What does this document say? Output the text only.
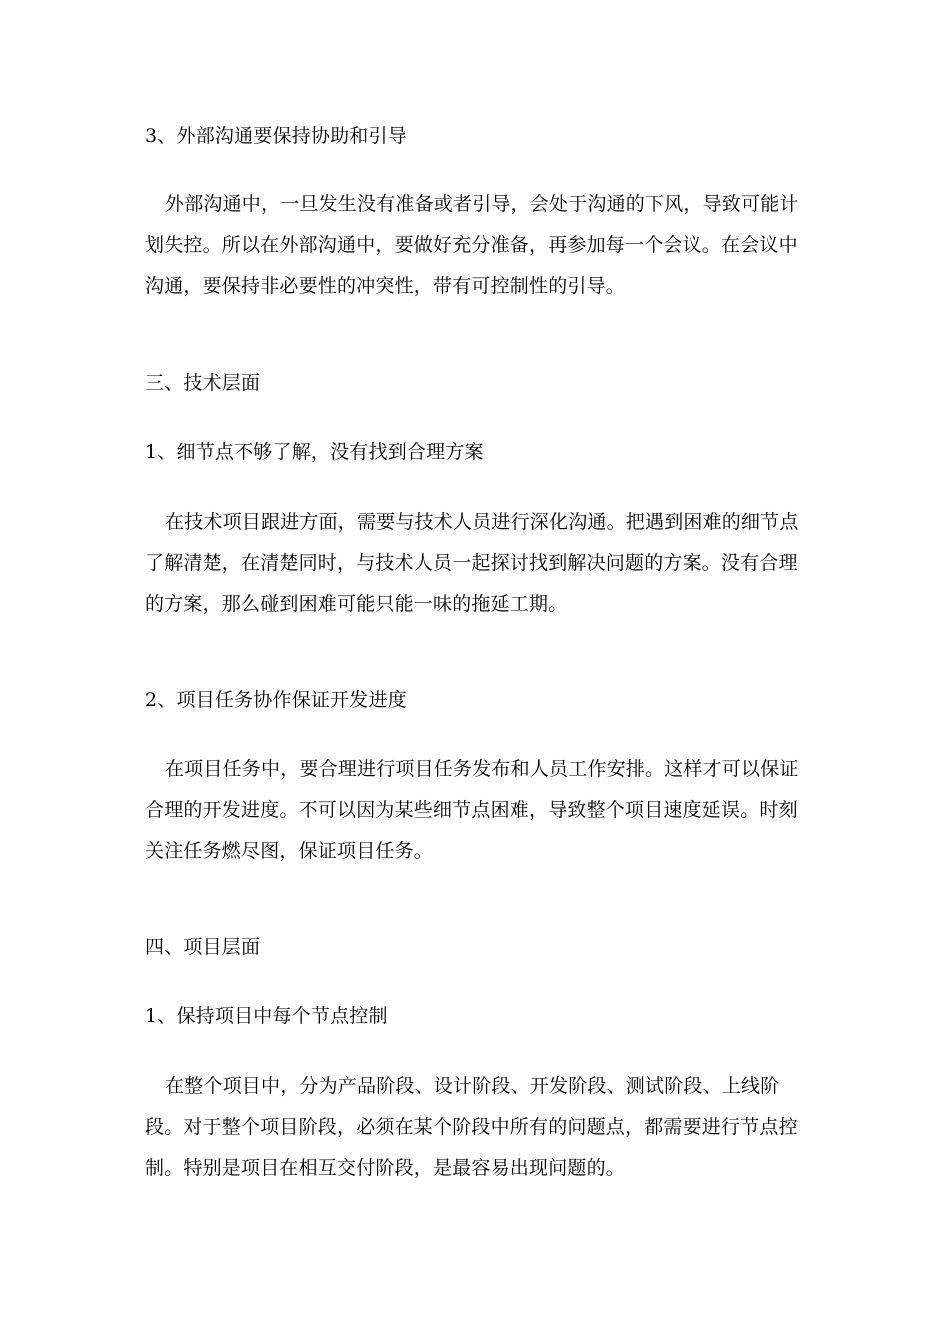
3、外部沟通要保持协助和引导
外部沟通中，一旦发生没有准备或者引导，会处于沟通的下风，导致可能计划失控。所以在外部沟通中，要做好充分准备，再参加每一个会议。在会议中沟通，要保持非必要性的冲突性，带有可控制性的引导。
三、技术层面
1、细节点不够了解，没有找到合理方案
在技术项目跟进方面，需要与技术人员进行深化沟通。把遇到困难的细节点了解清楚，在清楚同时，与技术人员一起探讨找到解决问题的方案。没有合理的方案，那么碰到困难可能只能一味的拖延工期。
2、项目任务协作保证开发进度
在项目任务中，要合理进行项目任务发布和人员工作安排。这样才可以保证合理的开发进度。不可以因为某些细节点困难，导致整个项目速度延误。时刻关注任务燃尽图，保证项目任务。
四、项目层面
1、保持项目中每个节点控制
在整个项目中，分为产品阶段、设计阶段、开发阶段、测试阶段、上线阶段。对于整个项目阶段，必须在某个阶段中所有的问题点，都需要进行节点控制。特别是项目在相互交付阶段，是最容易出现问题的。
